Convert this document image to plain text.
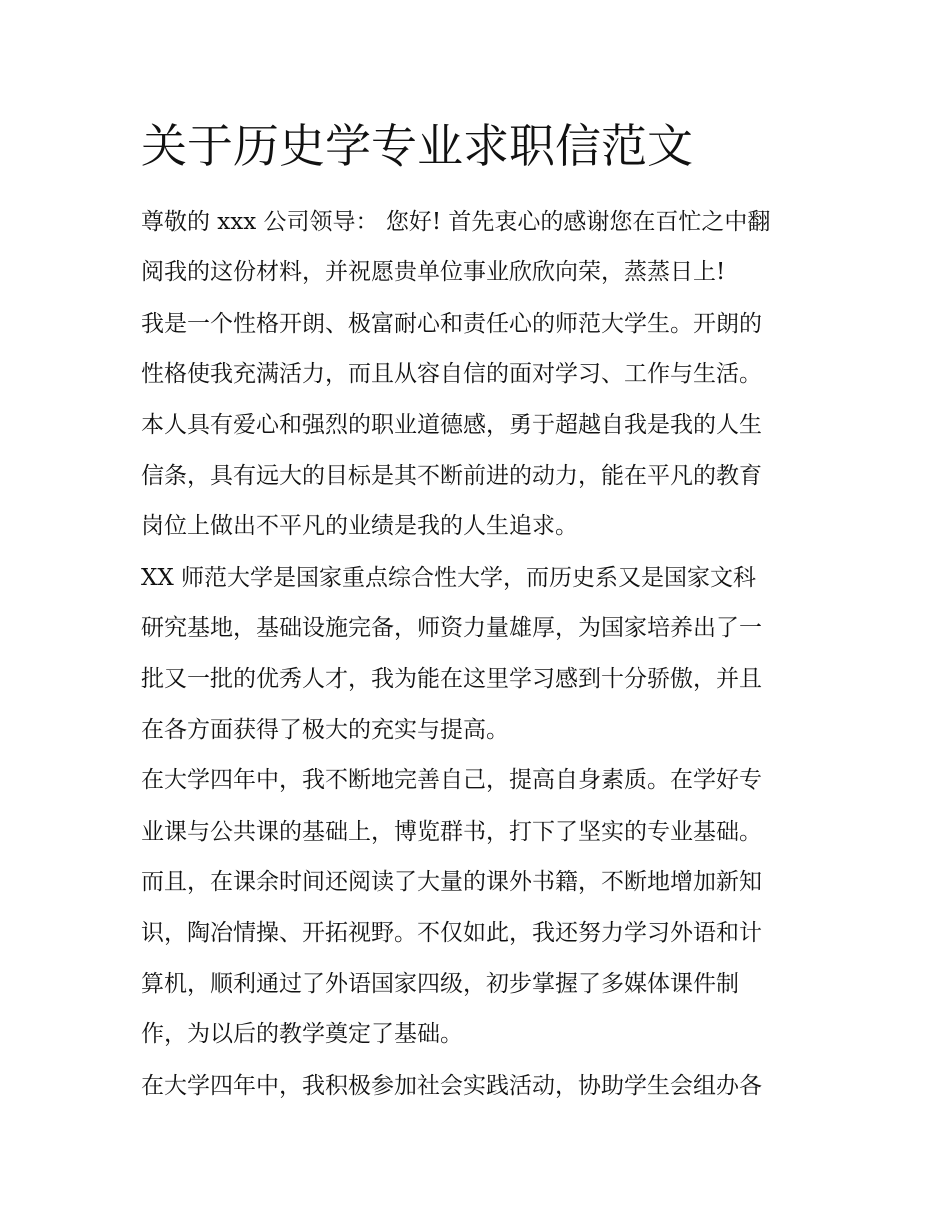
关于历史学专业求职信范文

尊敬的 xxx 公司领导： 您好! 首先衷心的感谢您在百忙之中翻

阅我的这份材料，并祝愿贵单位事业欣欣向荣，蒸蒸日上!

我是一个性格开朗、极富耐心和责任心的师范大学生。开朗的

性格使我充满活力，而且从容自信的面对学习、工作与生活。

本人具有爱心和强烈的职业道德感，勇于超越自我是我的人生

信条，具有远大的目标是其不断前进的动力，能在平凡的教育

岗位上做出不平凡的业绩是我的人生追求。

XX 师范大学是国家重点综合性大学，而历史系又是国家文科

研究基地，基础设施完备，师资力量雄厚，为国家培养出了一

批又一批的优秀人才，我为能在这里学习感到十分骄傲，并且

在各方面获得了极大的充实与提高。

在大学四年中，我不断地完善自己，提高自身素质。在学好专

业课与公共课的基础上，博览群书，打下了坚实的专业基础。

而且，在课余时间还阅读了大量的课外书籍，不断地增加新知

识，陶冶情操、开拓视野。不仅如此，我还努力学习外语和计

算机，顺利通过了外语国家四级，初步掌握了多媒体课件制

作，为以后的教学奠定了基础。

在大学四年中，我积极参加社会实践活动，协助学生会组办各
